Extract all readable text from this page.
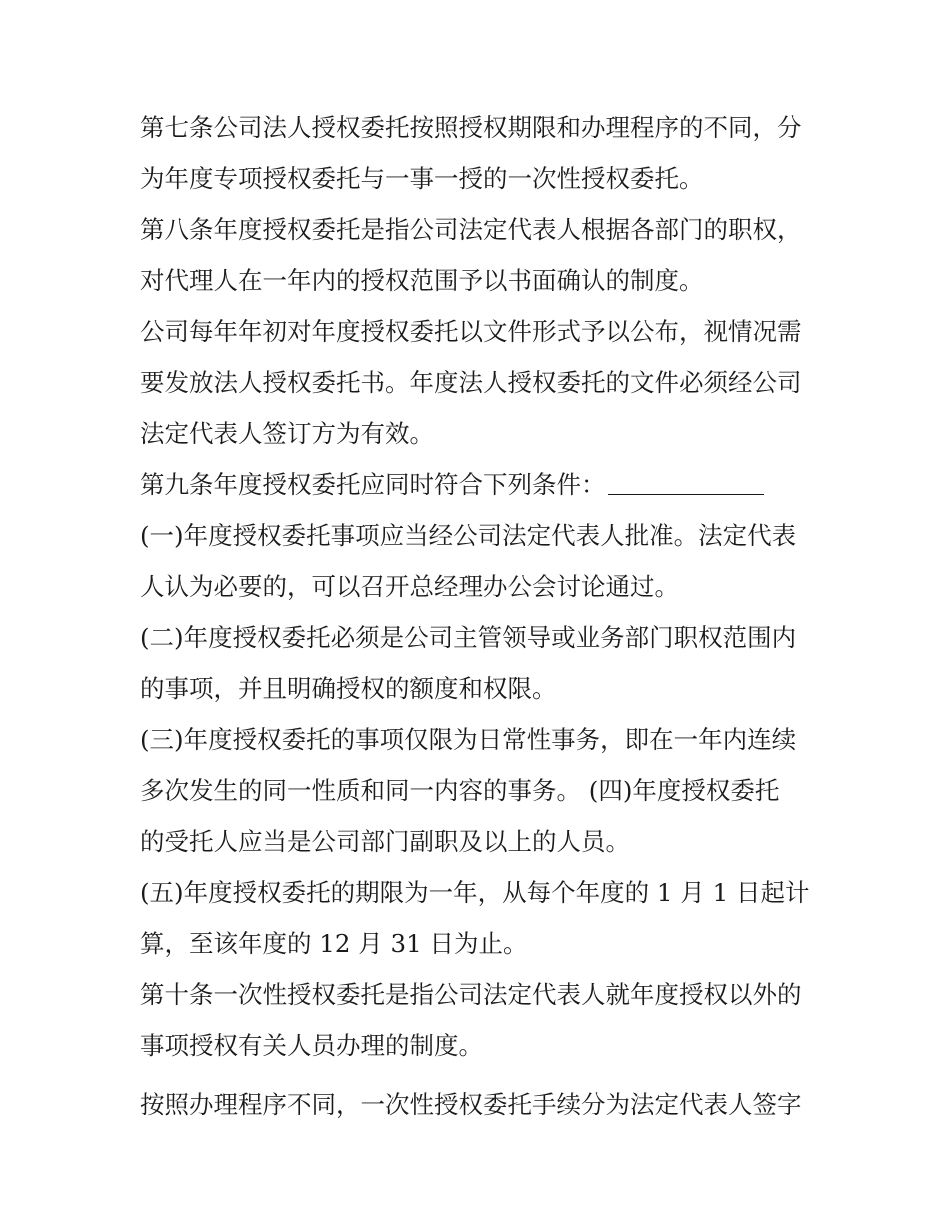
第七条公司法人授权委托按照授权期限和办理程序的不同，分
为年度专项授权委托与一事一授的一次性授权委托。
第八条年度授权委托是指公司法定代表人根据各部门的职权，
对代理人在一年内的授权范围予以书面确认的制度。
公司每年年初对年度授权委托以文件形式予以公布，视情况需
要发放法人授权委托书。年度法人授权委托的文件必须经公司
法定代表人签订方为有效。
第九条年度授权委托应同时符合下列条件：
(一)年度授权委托事项应当经公司法定代表人批准。法定代表
人认为必要的，可以召开总经理办公会讨论通过。
(二)年度授权委托必须是公司主管领导或业务部门职权范围内
的事项，并且明确授权的额度和权限。
(三)年度授权委托的事项仅限为日常性事务，即在一年内连续
多次发生的同一性质和同一内容的事务。 (四)年度授权委托
的受托人应当是公司部门副职及以上的人员。
(五)年度授权委托的期限为一年，从每个年度的 1 月 1 日起计
算，至该年度的 12 月 31 日为止。
第十条一次性授权委托是指公司法定代表人就年度授权以外的
事项授权有关人员办理的制度。
按照办理程序不同，一次性授权委托手续分为法定代表人签字
